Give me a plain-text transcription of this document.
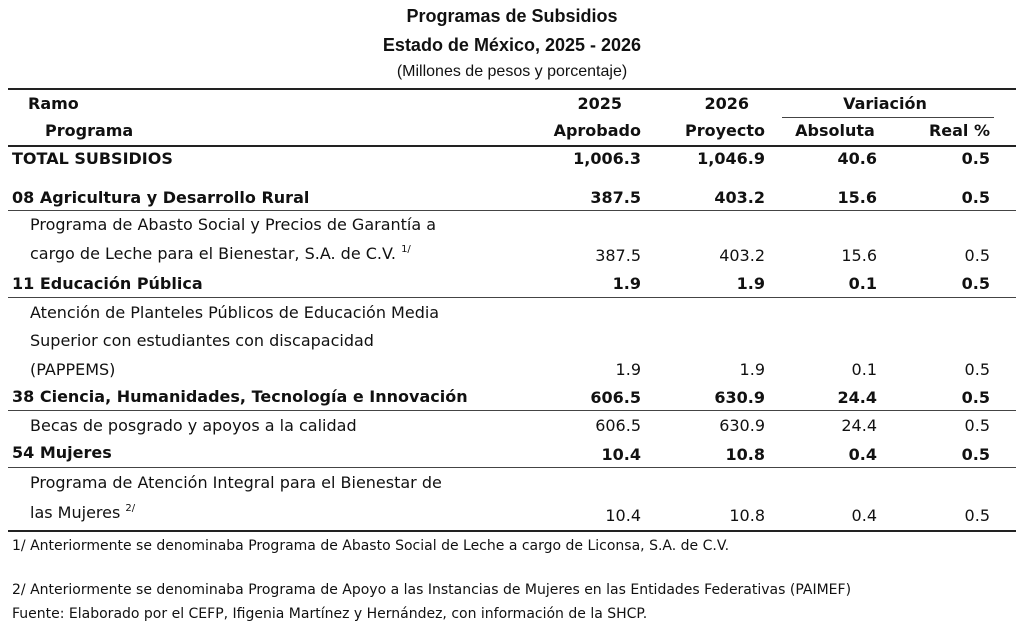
Programas de Subsidios
Estado de México, 2025 - 2026
(Millones de pesos y porcentaje)
Ramo
Programa
2025
Aprobado
2026
Proyecto
Variación
Absoluta	Real %
TOTAL SUBSIDIOS	1,006.3	1,046.9	40.6	0.5
08 Agricultura y Desarrollo Rural	387.5	403.2	15.6	0.5
Programa de Abasto Social y Precios de Garantía a
cargo de Leche para el Bienestar, S.A. de C.V. $^{1/}$	387.5	403.2	15.6	0.5
11 Educación Pública	1.9	1.9	0.1	0.5
Atención de Planteles Públicos de Educación Media
Superior con estudiantes con discapacidad
(PAPPEMS)	1.9	1.9	0.1	0.5
38 Ciencia, Humanidades, Tecnología e Innovación	606.5	630.9	24.4	0.5
Becas de posgrado y apoyos a la calidad	606.5	630.9	24.4	0.5
54 Mujeres	10.4	10.8	0.4	0.5
Programa de Atención Integral para el Bienestar de
las Mujeres $^{2/}$	10.4	10.8	0.4	0.5
1/ Anteriormente se denominaba Programa de Abasto Social de Leche a cargo de Liconsa, S.A. de C.V.
2/ Anteriormente se denominaba Programa de Apoyo a las Instancias de Mujeres en las Entidades Federativas (PAIMEF)
Fuente: Elaborado por el CEFP, Ifigenia Martínez y Hernández, con información de la SHCP.
